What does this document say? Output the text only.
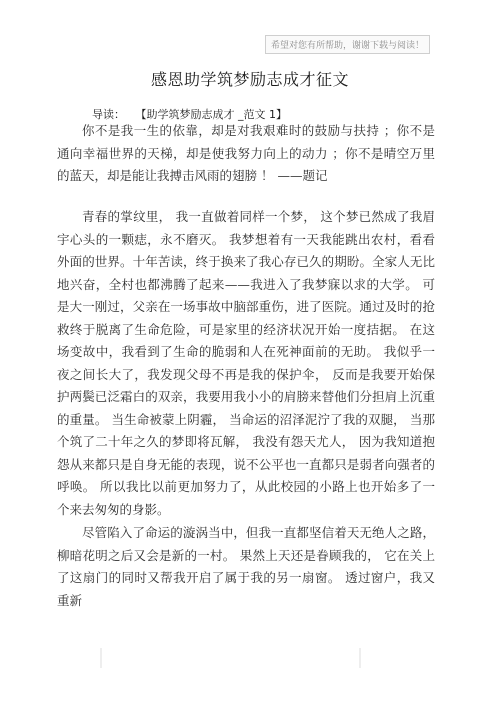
希望对您有所帮助，谢谢下载与阅读！
感恩助学筑梦励志成才征文
导读： 【助学筑梦励志成才 _范文 1】

你不是我一生的依靠，却是对我艰难时的鼓励与扶持 ；你不是通向幸福世界的天梯，却是使我努力向上的动力 ；你不是晴空万里的蓝天，却是能让我搏击风雨的翅膀 ！ ——题记

青春的掌纹里， 我一直做着同样一个梦， 这个梦已然成了我眉宇心头的一颗痣，永不磨灭。 我梦想着有一天我能跳出农村，看看外面的世界。十年苦读，终于换来了我心存已久的期盼。全家人无比地兴奋，全村也都沸腾了起来——我进入了我梦寐以求的大学。 可是大一刚过，父亲在一场事故中脑部重伤，进了医院。通过及时的抢救终于脱离了生命危险，可是家里的经济状况开始一度拮据。 在这场变故中，我看到了生命的脆弱和人在死神面前的无助。 我似乎一夜之间长大了，我发现父母不再是我的保护伞， 反而是我要开始保护两鬓已泛霜白的双亲，我要用我小小的肩膀来替他们分担肩上沉重的重量。 当生命被蒙上阴霾， 当命运的沼泽泥泞了我的双腿， 当那个筑了二十年之久的梦即将瓦解， 我没有怨天尤人， 因为我知道抱怨从来都只是自身无能的表现，说不公平也一直都只是弱者向强者的呼唤。 所以我比以前更加努力了，从此校园的小路上也开始多了一个来去匆匆的身影。

尽管陷入了命运的漩涡当中，但我一直都坚信着天无绝人之路，柳暗花明之后又会是新的一村。 果然上天还是眷顾我的， 它在关上了这扇门的同时又帮我开启了属于我的另一扇窗。 透过窗户，我又重新
